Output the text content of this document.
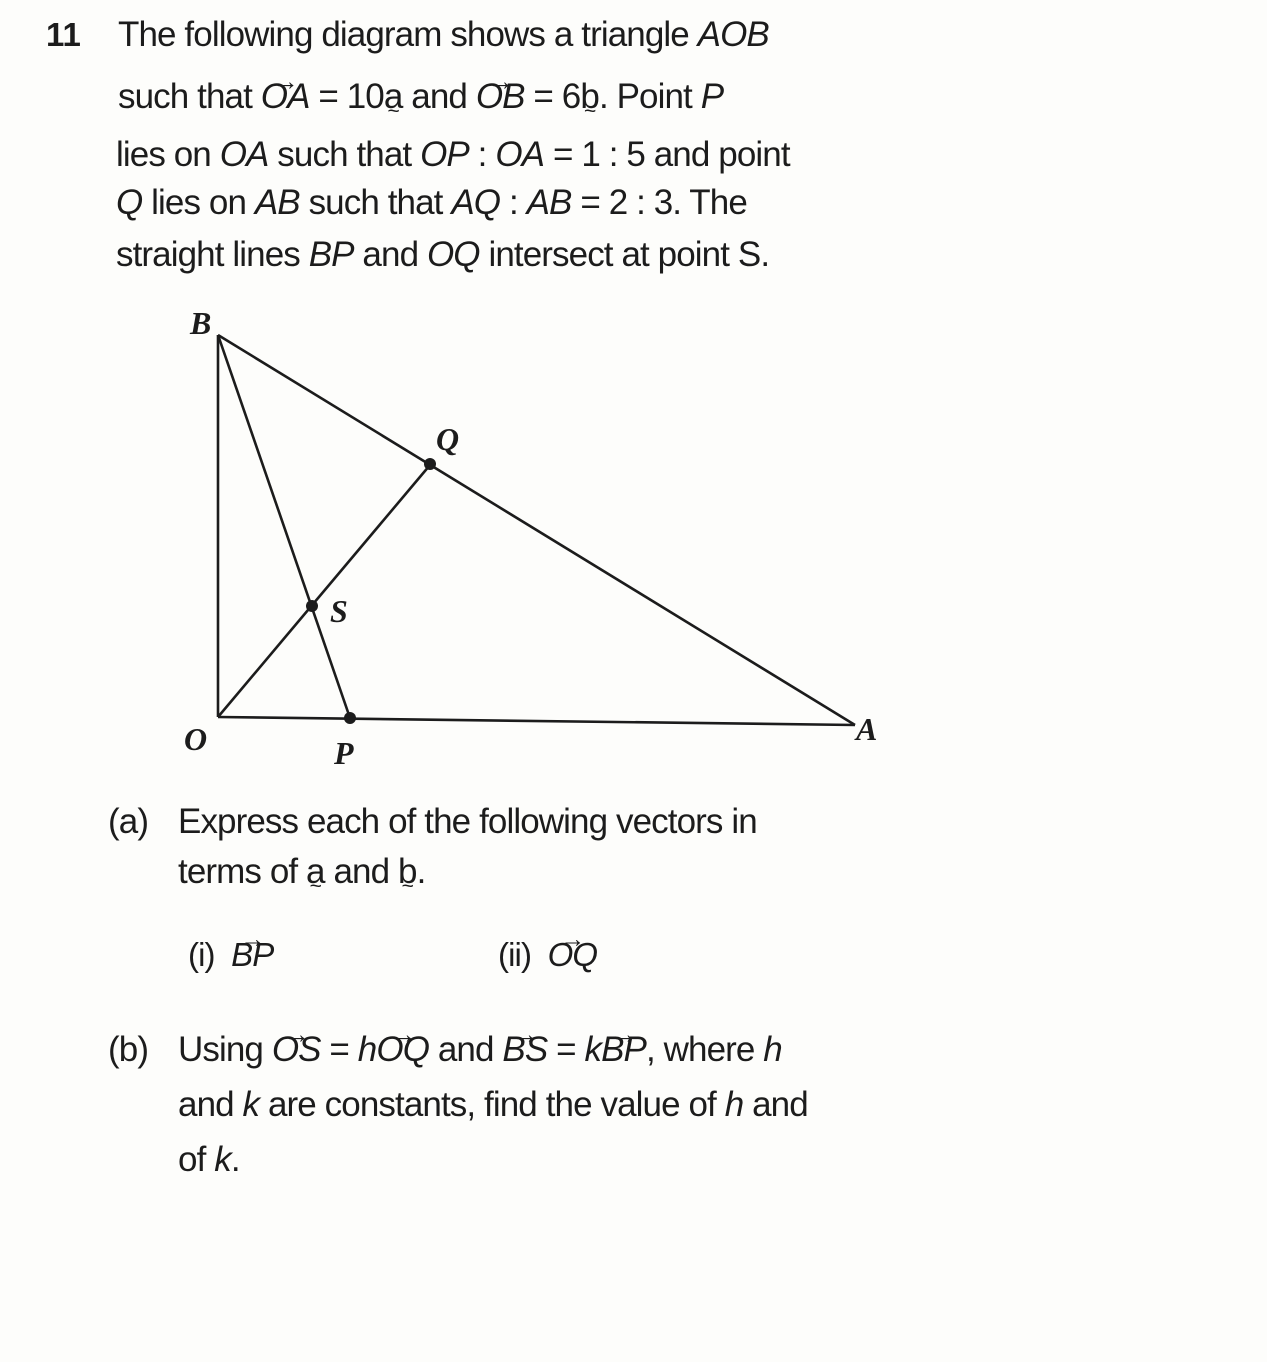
11 The following diagram shows a triangle AOB
such that OA → = 10a ~ and OB → = 6b ~. Point P
lies on OA such that OP : OA = 1 : 5 and point
Q lies on AB such that AQ : AB = 2 : 3. The
straight lines BP and OQ intersect at point S.
B
Q
S
O	P
A
(a) Express each of the following vectors in
terms of a ~ and b ~.
(i)  BP →	(ii)  OQ →
(b) Using OS → = hOQ → and BS → = kBP →, where h
and k are constants, find the value of h and
of k.
